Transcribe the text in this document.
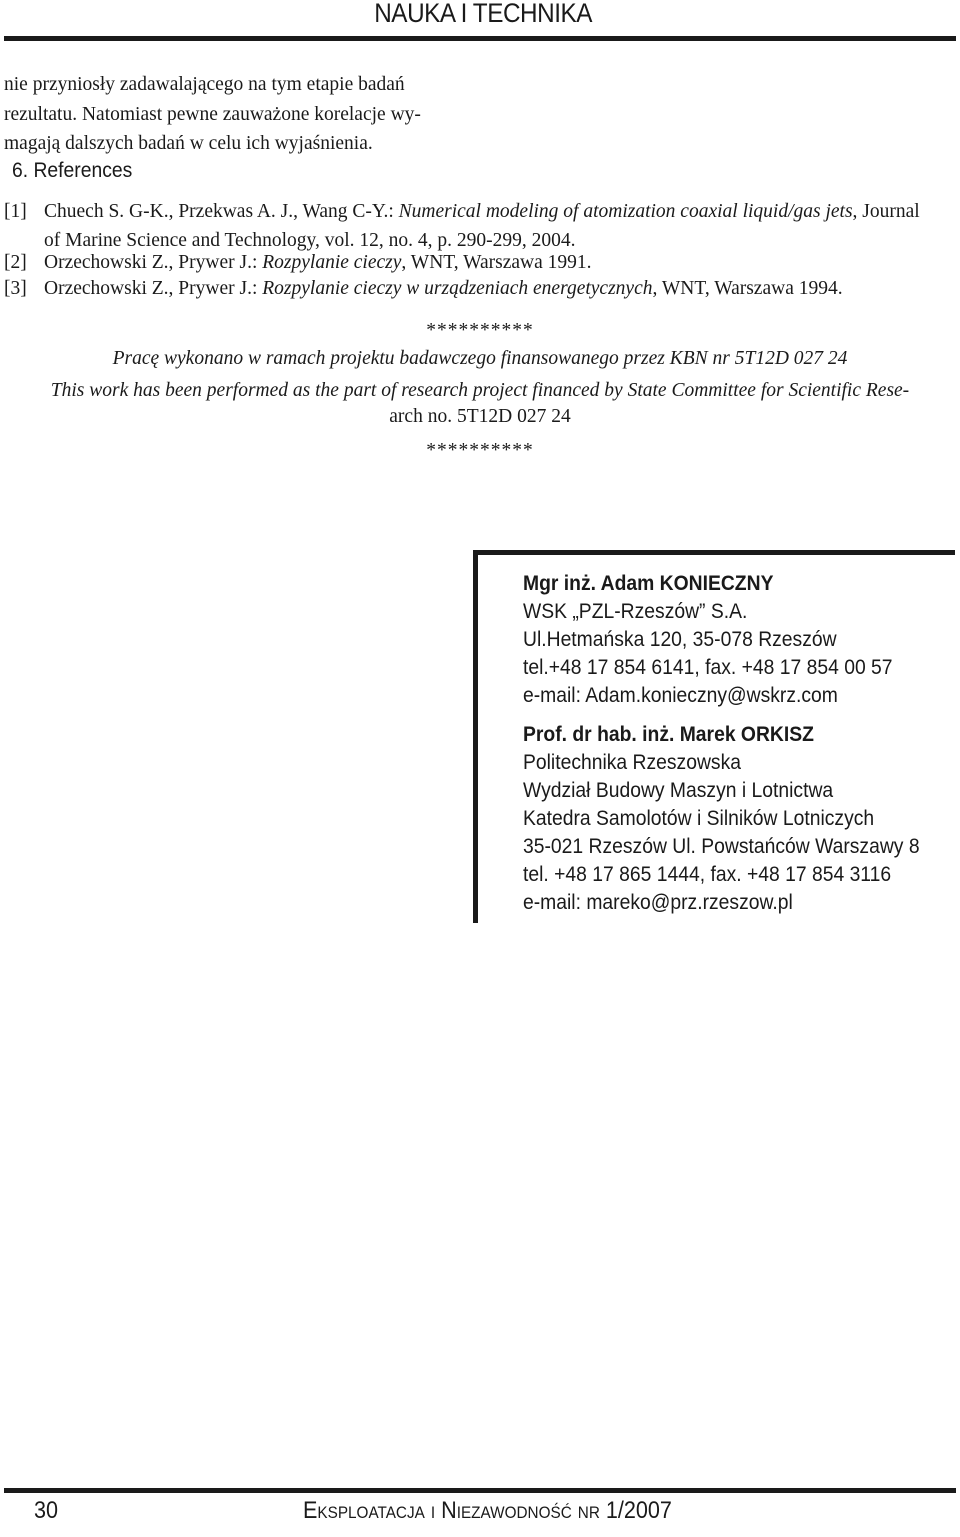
NAUKA I TECHNIKA
nie przyniosły zadawalającego na tym etapie badań
rezultatu. Natomiast pewne zauważone korelacje wy-
magają dalszych badań w celu ich wyjaśnienia.
6. References
[1] Chuech S. G-K., Przekwas A. J., Wang C-Y.: Numerical modeling of atomization coaxial liquid/gas jets, Journal
of Marine Science and Technology, vol. 12, no. 4, p. 290-299, 2004.
[2] Orzechowski Z., Prywer J.: Rozpylanie cieczy, WNT, Warszawa 1991.
[3] Orzechowski Z., Prywer J.: Rozpylanie cieczy w urządzeniach energetycznych, WNT, Warszawa 1994.
**********
Pracę wykonano w ramach projektu badawczego finansowanego przez KBN nr 5T12D 027 24
This work has been performed as the part of research project financed by State Committee for Scientific Rese-
arch no. 5T12D 027 24
**********
Mgr inż. Adam KONIECZNY
WSK „PZL-Rzeszów” S.A.
Ul.Hetmańska 120, 35-078 Rzeszów
tel.+48 17 854 6141, fax. +48 17 854 00 57
e-mail: Adam.konieczny@wskrz.com
Prof. dr hab. inż. Marek ORKISZ
Politechnika Rzeszowska
Wydział Budowy Maszyn i Lotnictwa
Katedra Samolotów i Silników Lotniczych
35-021 Rzeszów Ul. Powstańców Warszawy 8
tel. +48 17 865 1444, fax. +48 17 854 3116
e-mail: mareko@prz.rzeszow.pl
30	EKSPLOATACJA I NIEZAWODNOŚĆ NR 1/2007
